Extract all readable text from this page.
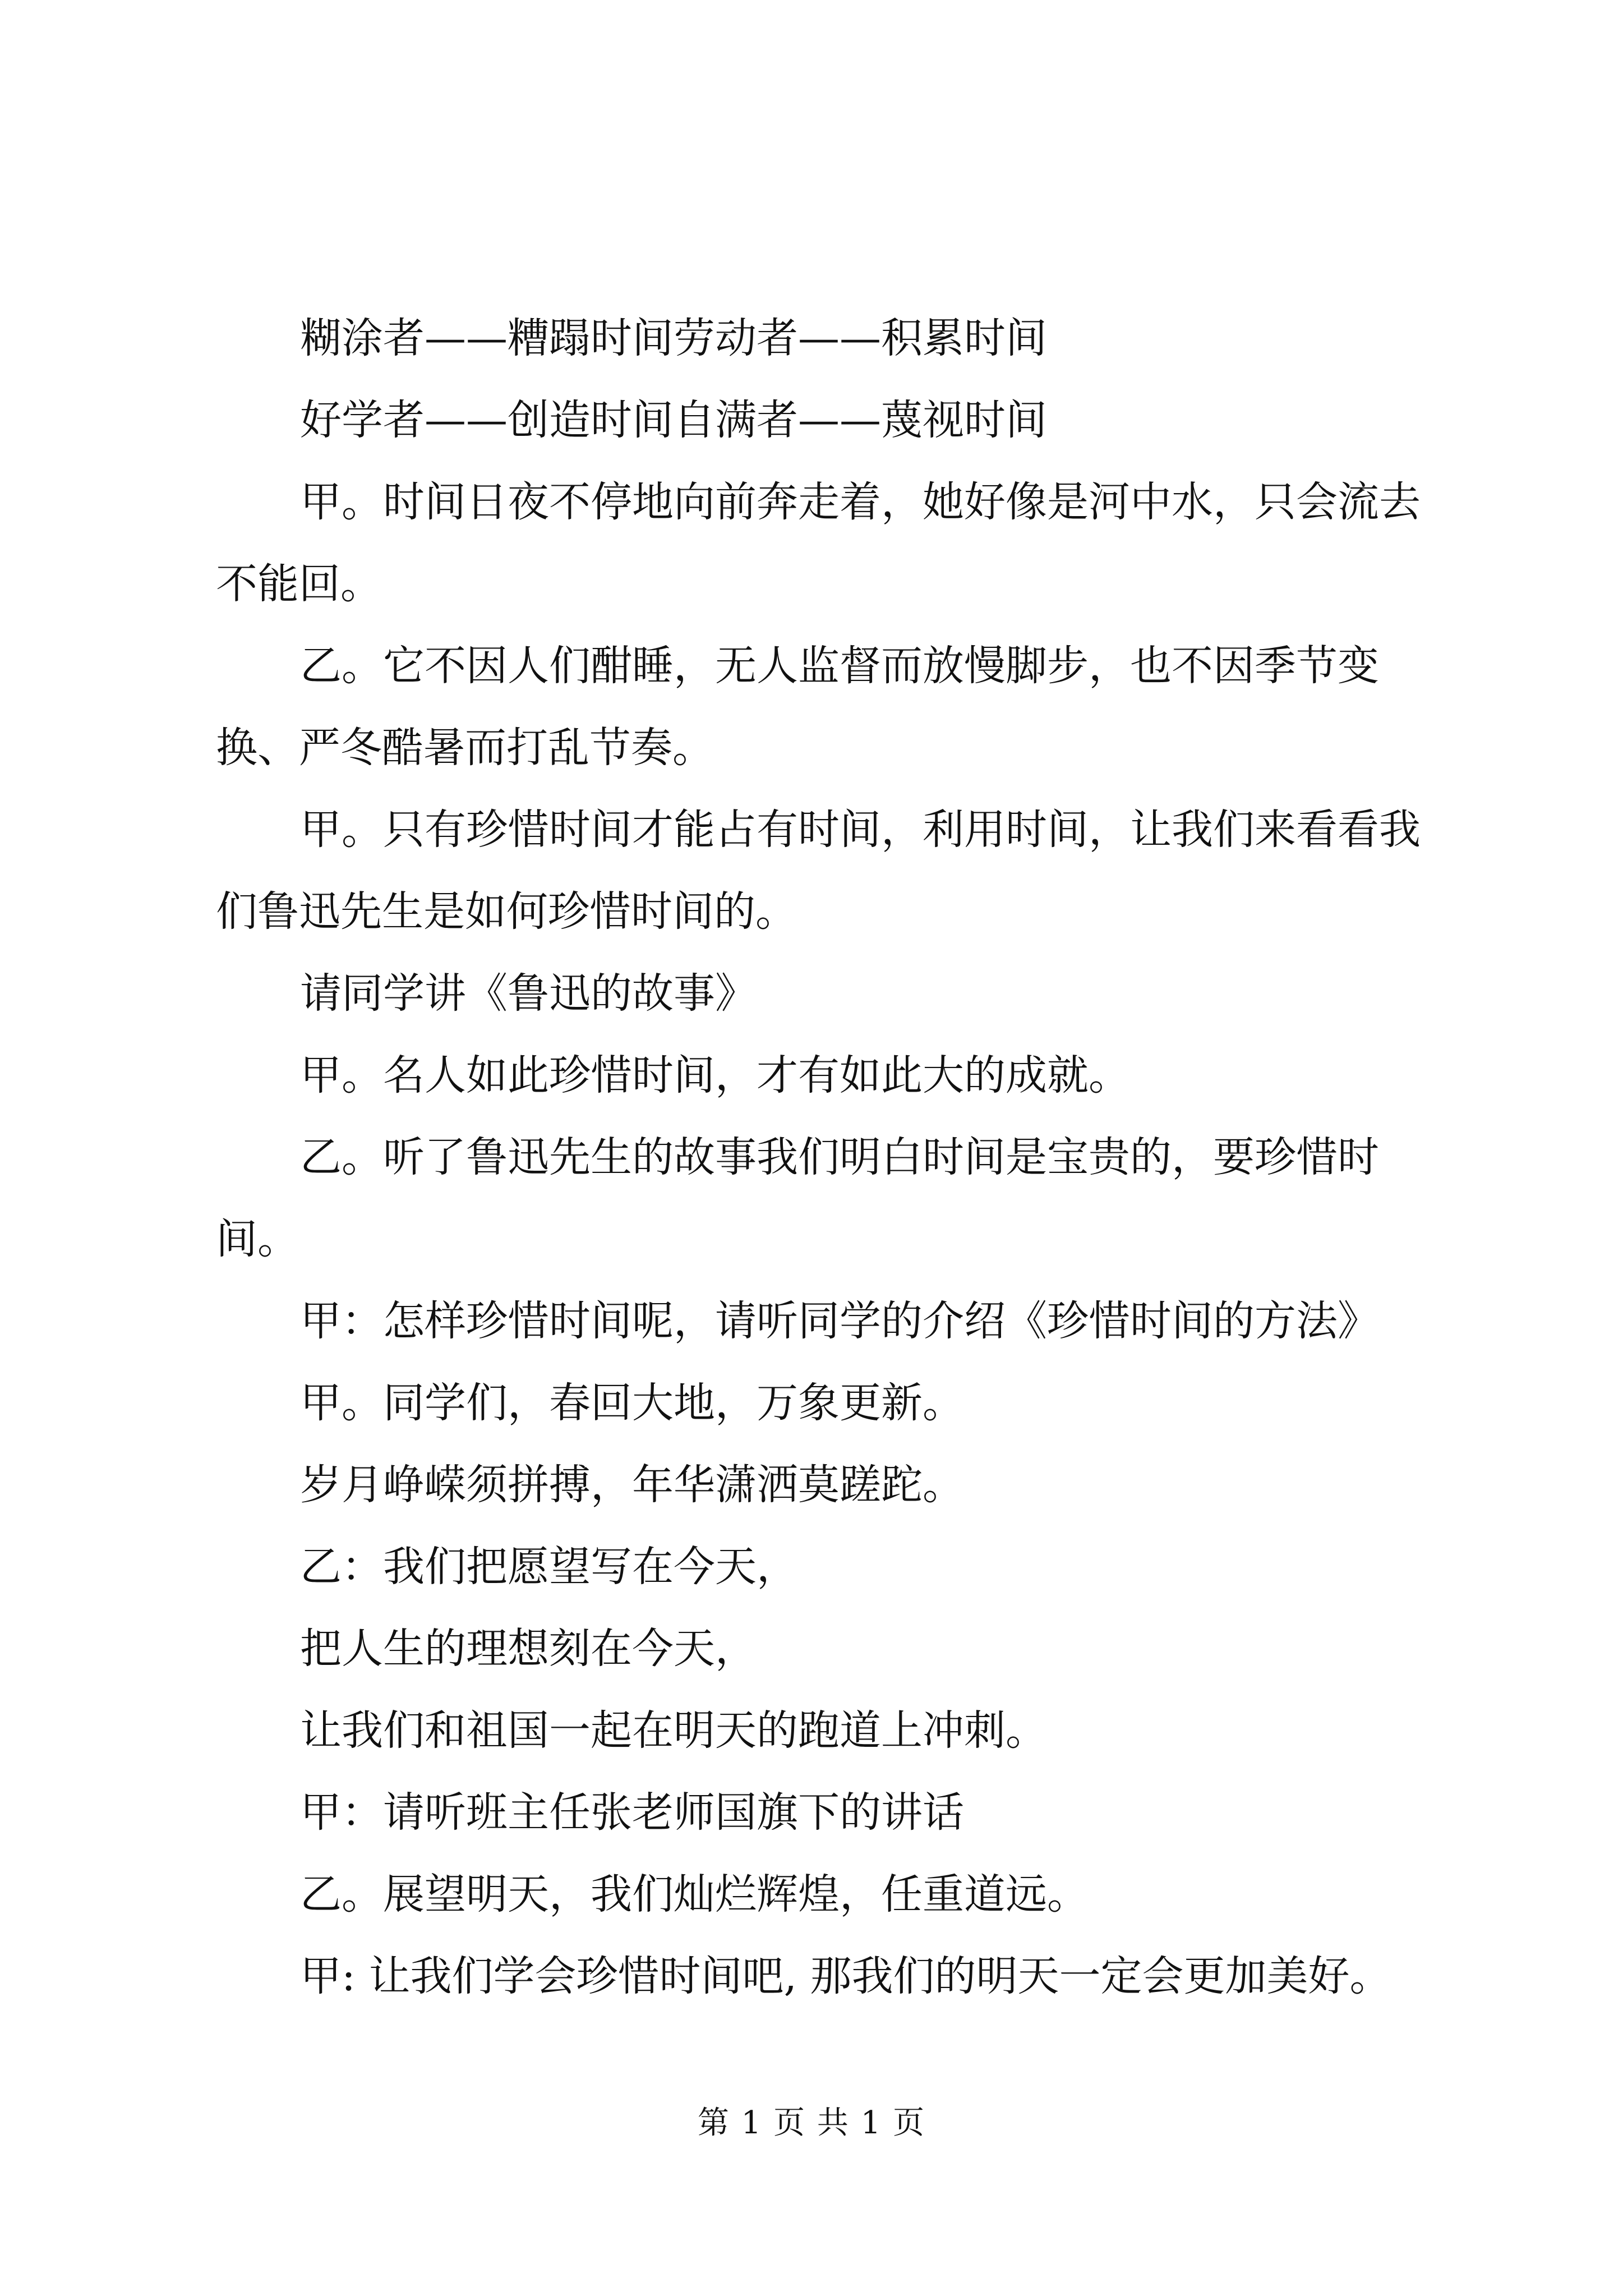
糊涂者——糟蹋时间劳动者——积累时间

好学者——创造时间自满者——蔑视时间

甲。时间日夜不停地向前奔走着，她好像是河中水，只会流去不能回。

乙。它不因人们酣睡，无人监督而放慢脚步，也不因季节变换、严冬酷暑而打乱节奏。

甲。只有珍惜时间才能占有时间，利用时间，让我们来看看我们鲁迅先生是如何珍惜时间的。

请同学讲《鲁迅的故事》

甲。名人如此珍惜时间，才有如此大的成就。

乙。听了鲁迅先生的故事我们明白时间是宝贵的，要珍惜时间。

甲：怎样珍惜时间呢，请听同学的介绍《珍惜时间的方法》

甲。同学们，春回大地，万象更新。

岁月峥嵘须拼搏，年华潇洒莫蹉跎。

乙：我们把愿望写在今天，

把人生的理想刻在今天，

让我们和祖国一起在明天的跑道上冲刺。

甲：请听班主任张老师国旗下的讲话

乙。展望明天，我们灿烂辉煌，任重道远。

甲: 让我们学会珍惜时间吧, 那我们的明天一定会更加美好。

第 1 页 共 1 页
